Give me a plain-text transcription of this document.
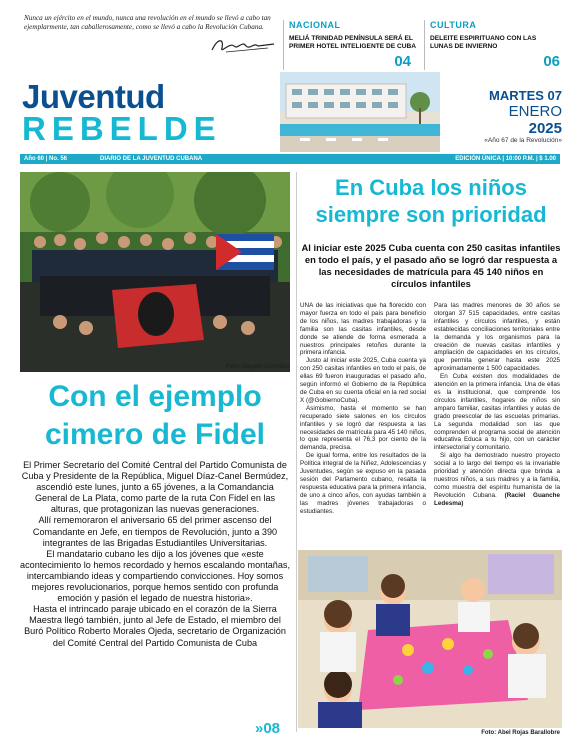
Nunca un ejército en el mundo, nunca una revolución en el mundo se llevó a cabo tan ejemplarmente, tan caballerosamente, como se llevó a cabo la Revolución Cubana.	NACIONAL
MELIÁ TRINIDAD PENÍNSULA SERÁ EL PRIMER HOTEL INTELIGENTE DE CUBA
04
CULTURA
DELEITE ESPIRITUANO CON LAS LUNAS DE INVIERNO
06
Juventud
REBELDE
MARTES 07
ENERO
2025
«Año 67 de la Revolución»
Año 60 | No. 56	DIARIO DE LA JUVENTUD CUBANA	EDICIÓN ÚNICA | 10:00 P.M. | $ 1.00
Foto: Dayam González
Con el ejemplo cimero de Fidel

El Primer Secretario del Comité Central del Partido Comunista de Cuba y Presidente de la República, Miguel Díaz-Canel Bermúdez, ascendió este lunes, junto a 65 jóvenes, a la Comandancia General de La Plata, como parte de la ruta Con Fidel en las alturas, que protagonizan las nuevas generaciones.

Allí rememoraron el aniversario 65 del primer ascenso del Comandante en Jefe, en tiempos de Revolución, junto a 390 integrantes de las Brigadas Estudiantiles Universitarias.

El mandatario cubano les dijo a los jóvenes que «este acontecimiento lo hemos recordado y hemos escalando montañas, intercambiando ideas y compartiendo convicciones. Hoy somos mejores revolucionarios, porque hemos sentido con profunda emoción y pasión el legado de nuestra historia».

Hasta el intrincado paraje ubicado en el corazón de la Sierra Maestra llegó también, junto al Jefe de Estado, el miembro del Buró Político Roberto Morales Ojeda, secretario de Organización del Comité Central del Partido Comunista de Cuba

»08
En Cuba los niños siempre son prioridad
Al iniciar este 2025 Cuba cuenta con 250 casitas infantiles en todo el país, y el pasado año se logró dar respuesta a las necesidades de matrícula para 45 140 niños en círculos infantiles

UNA de las iniciativas que ha florecido con mayor fuerza en todo el país para beneficio de los niños, las madres trabajadoras y la familia son las casitas infantiles, desde donde se atiende de forma esmerada a nuestros principales retoños durante la primera infancia.

Justo al iniciar este 2025, Cuba cuenta ya con 250 casitas infantiles en todo el país, de ellas 69 fueron inauguradas el pasado año, según informó el Gobierno de la República de Cuba en su cuenta oficial en la red social X (@GobiernoCuba).

Asimismo, hasta el momento se han recuperado siete salones en los círculos infantiles y se logró dar respuesta a las necesidades de matrícula para 45 140 niños, lo que representa el 76,3 por ciento de la demanda, precisa.

De igual forma, entre los resultados de la Política integral de la Niñez, Adolescencias y Juventudes, según se expuso en la pasada sesión del Parlamento cubano, resalta la respuesta educativa para la primera infancia, de uno a cinco años, con ayudas también a las madres jóvenes trabajadoras o estudiantes.

Para las madres menores de 30 años se otorgan 37 515 capacidades, entre casitas infantiles y círculos infantiles, y están establecidas conciliaciones territoriales entre la demanda y los organismos para la creación de nuevas casitas infantiles y ampliación de capacidades en los círculos, que permita generar hasta este 2025 aproximadamente 1 500 capacidades.

En Cuba existen dos modalidades de atención en la primera infancia. Una de ellas es la institucional, que comprende los círculos infantiles, hogares de niños sin amparo familiar, casitas infantiles y aulas de grado preescolar de las escuelas primarias. La segunda modalidad son las que comprenden el programa social de atención educativa Educa a tu hijo, con un carácter intersectorial y comunitario.

Si algo ha demostrado nuestro proyecto social a lo largo del tiempo es la invariable prioridad y atención directa que brinda a nuestros niños, a sus madres y a la familia, como muestra del espíritu humanista de la Revolución Cubana. (Raciel Guanche Ledesma)

Foto: Abel Rojas Barallobre
